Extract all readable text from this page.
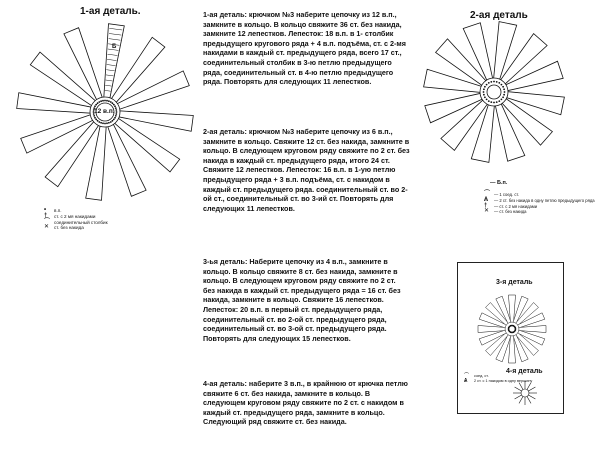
1-ая деталь.
12 в.п.
Б
•	в.п.
†	ст. с 2 мя накидами
⌒ соединительный столбик
✕	ст. без накида
2-ая деталь
— Б.п.
⌒ — 1 соед. ст.
Ѧ	— 2 ст. без накида в одну петлю предыдущего ряда
†	— ст. с 2 мя накидами
✕	— ст. без накида
3-я деталь
⌒	соед. ст.
Ѧ	2 ст. с 1 накидом в одну вершину
4-я деталь

1-ая деталь: крючком №3 наберите цепочку из 12 в.п., замкните в кольцо. В кольцо свяжите 36 ст. без накида, замкните 12 лепестков. Лепесток: 18 в.п. в 1- столбик предыдущего кругового ряда + 4 в.п. подъёма, ст. с 2-мя накидами в каждый ст. предыдущего ряда, всего 17 ст., соединительный столбик в 3-ю петлю предыдущего ряда, соединительный ст. в 4-ю петлю предыдущего ряда. Повторять для следующих 11 лепестков.

2-ая деталь: крючком №3 наберите цепочку из 6 в.п., замкните в кольцо. Свяжите 12 ст. без накида, замкните в кольцо. В следующем круговом ряду свяжите по 2 ст. без накида в каждый ст. предыдущего ряда, итого 24 ст. Свяжите 12 лепестков. Лепесток: 16 в.п. в 1-ую петлю предыдущего ряда + 3 в.п. подъёма, ст. с накидом в каждый ст. предыдущего ряда. соединительный ст. во 2-ой ст., соединительный ст. во 3-ий ст. Повторять для следующих 11 лепестков.

3-ья деталь: Наберите цепочку из 4 в.п., замкните в кольцо. В кольцо свяжите 8 ст. без накида, замкните в кольцо. В следующем круговом ряду свяжите по 2 ст. без накида в каждый ст. предыдущего ряда = 16 ст. без накида, замкните в кольцо. Свяжите 16 лепестков. Лепесток: 20 в.п. в первый ст. предыдущего ряда, соединительный ст. во 2-ой ст. предыдущего ряда, соединительный ст. во 3-ой ст. предыдущего ряда. Повторять для следующих 15 лепестков.

4-ая деталь: наберите 3 в.п., в крайнюю от крючка петлю свяжите 6 ст. без накида, замкните в кольцо. В следующем круговом ряду свяжите по 2 ст. с накидом в каждый ст. предыдущего ряда, замкните в кольцо. Следующий ряд свяжите ст. без накида.
